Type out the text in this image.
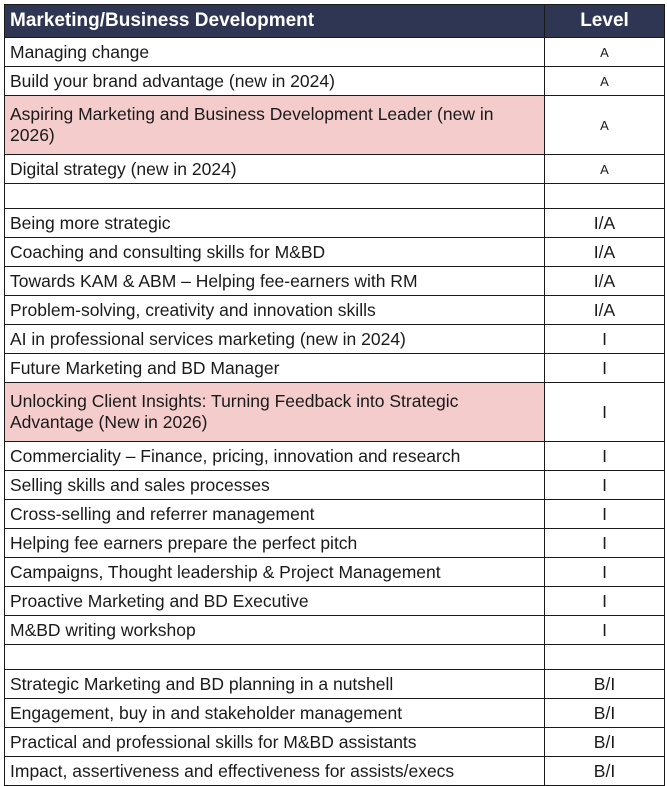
Marketing/Business Development	Level
Managing change	A
Build your brand advantage (new in 2024)	A
Aspiring Marketing and Business Development Leader (new in 2026)	A
Digital strategy (new in 2024)	A

Being more strategic	I/A
Coaching and consulting skills for M&BD	I/A
Towards KAM & ABM – Helping fee-earners with RM	I/A
Problem-solving, creativity and innovation skills	I/A
AI in professional services marketing (new in 2024)	I
Future Marketing and BD Manager	I
Unlocking Client Insights: Turning Feedback into Strategic Advantage (New in 2026)	I
Commerciality – Finance, pricing, innovation and research	I
Selling skills and sales processes	I
Cross-selling and referrer management	I
Helping fee earners prepare the perfect pitch	I
Campaigns, Thought leadership & Project Management	I
Proactive Marketing and BD Executive	I
M&BD writing workshop	I

Strategic Marketing and BD planning in a nutshell	B/I
Engagement, buy in and stakeholder management	B/I
Practical and professional skills for M&BD assistants	B/I
Impact, assertiveness and effectiveness for assists/execs	B/I
